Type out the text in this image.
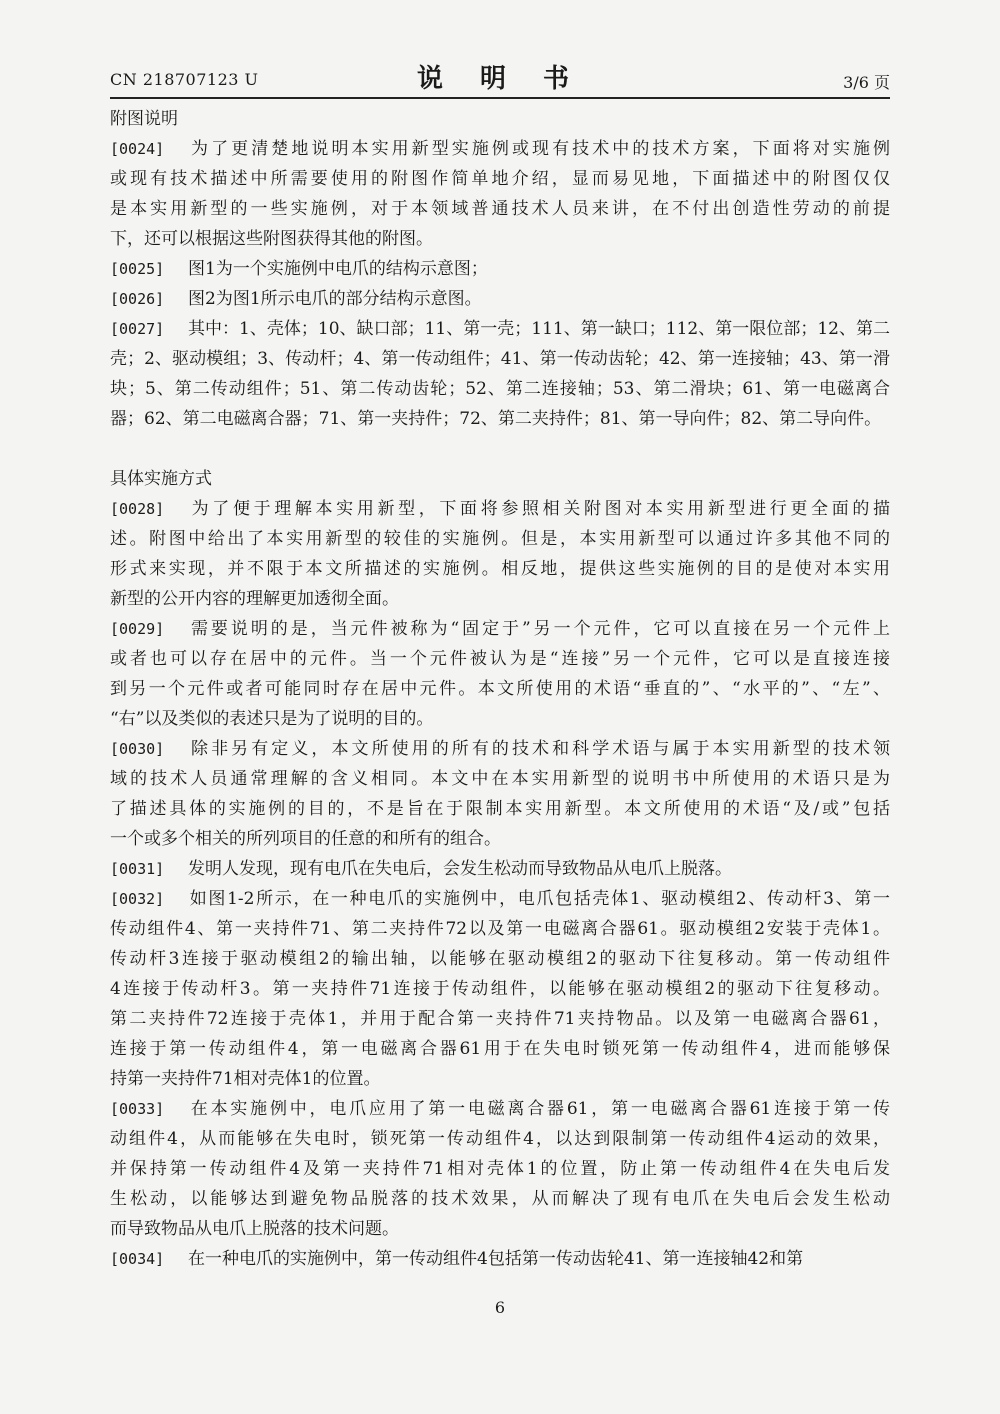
CN 218707123 U	说 明 书	3/6 页
附图说明
[0024] 为了更清楚地说明本实用新型实施例或现有技术中的技术方案，下面将对实施例
或现有技术描述中所需要使用的附图作简单地介绍，显而易见地，下面描述中的附图仅仅
是本实用新型的一些实施例，对于本领域普通技术人员来讲，在不付出创造性劳动的前提
下，还可以根据这些附图获得其他的附图。
[0025] 图1为一个实施例中电爪的结构示意图；
[0026] 图2为图1所示电爪的部分结构示意图。
[0027] 其中：1、壳体；10、缺口部；11、第一壳；111、第一缺口；112、第一限位部；12、第二
壳；2、驱动模组；3、传动杆；4、第一传动组件；41、第一传动齿轮；42、第一连接轴；43、第一滑
块；5、第二传动组件；51、第二传动齿轮；52、第二连接轴；53、第二滑块；61、第一电磁离合
器；62、第二电磁离合器；71、第一夹持件；72、第二夹持件；81、第一导向件；82、第二导向件。
具体实施方式
[0028] 为了便于理解本实用新型，下面将参照相关附图对本实用新型进行更全面的描
述。附图中给出了本实用新型的较佳的实施例。但是，本实用新型可以通过许多其他不同的
形式来实现，并不限于本文所描述的实施例。相反地，提供这些实施例的目的是使对本实用
新型的公开内容的理解更加透彻全面。
[0029] 需要说明的是，当元件被称为“固定于”另一个元件，它可以直接在另一个元件上
或者也可以存在居中的元件。当一个元件被认为是“连接”另一个元件，它可以是直接连接
到另一个元件或者可能同时存在居中元件。本文所使用的术语“垂直的”、“水平的”、“左”、
“右”以及类似的表述只是为了说明的目的。
[0030] 除非另有定义，本文所使用的所有的技术和科学术语与属于本实用新型的技术领
域的技术人员通常理解的含义相同。本文中在本实用新型的说明书中所使用的术语只是为
了描述具体的实施例的目的，不是旨在于限制本实用新型。本文所使用的术语“及/或”包括
一个或多个相关的所列项目的任意的和所有的组合。
[0031] 发明人发现，现有电爪在失电后，会发生松动而导致物品从电爪上脱落。
[0032] 如图1-2所示，在一种电爪的实施例中，电爪包括壳体1、驱动模组2、传动杆3、第一
传动组件4、第一夹持件71、第二夹持件72以及第一电磁离合器61。驱动模组2安装于壳体1。
传动杆3连接于驱动模组2的输出轴，以能够在驱动模组2的驱动下往复移动。第一传动组件
4连接于传动杆3。第一夹持件71连接于传动组件，以能够在驱动模组2的驱动下往复移动。
第二夹持件72连接于壳体1，并用于配合第一夹持件71夹持物品。以及第一电磁离合器61，
连接于第一传动组件4，第一电磁离合器61用于在失电时锁死第一传动组件4，进而能够保
持第一夹持件71相对壳体1的位置。
[0033] 在本实施例中，电爪应用了第一电磁离合器61，第一电磁离合器61连接于第一传
动组件4，从而能够在失电时，锁死第一传动组件4，以达到限制第一传动组件4运动的效果，
并保持第一传动组件4及第一夹持件71相对壳体1的位置，防止第一传动组件4在失电后发
生松动，以能够达到避免物品脱落的技术效果，从而解决了现有电爪在失电后会发生松动
而导致物品从电爪上脱落的技术问题。
[0034] 在一种电爪的实施例中，第一传动组件4包括第一传动齿轮41、第一连接轴42和第
6
